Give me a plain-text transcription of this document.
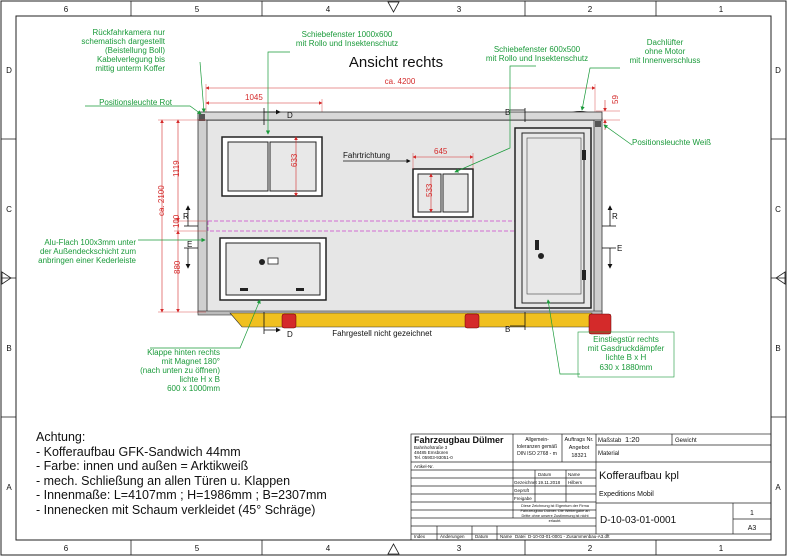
6	5	4	3	2	1
6	5	4	3	2	1
D
C
B
A
D
C
B
A
Ansicht rechts
ca. 4200
1045	59
Fahrgestell nicht gezeichnet
633
645
533
Fahrtrichtung
ca. 2100
1119
100
880
D
D
B
B
R	R
E	E
Rückfahrkamera nur
schematisch dargestellt
(Beistellung Boll)
Kabelverlegung bis
mittig unterm Koffer
Positionsleuchte Rot
Schiebefenster 1000x600
mit Rollo und Insektenschutz
Schiebefenster 600x500
mit Rollo und Insektenschutz
Dachlüfter
ohne Motor
mit Innenverschluss
Positionsleuchte Weiß
Alu-Flach 100x3mm unter
der Außendeckschicht zum
anbringen einer Kederleiste
Klappe hinten rechts
mit Magnet 180°
(nach unten zu öffnen)
lichte H x B
600 x 1000mm
Einstiegstür rechts
mit Gasdruckdämpfer
lichte B x H
630 x 1880mm
Fahrzeugbau Dülmer
Bahnhofstraße 3
48485 Emsbüren
Tel. 05903-93051-0
Allgemein-
toleranzen gemäß
DIN ISO 2768 - m
Auftrags Nr.
Angebot
18321
Maßstab 1:20	Gewicht
Material
Artikel-Nr.
Datum	Name
Gezeichnet 19.11.2018 Hilbers
Geprüft
Freigabe
Kofferaufbau kpl
Expeditions Mobil
D-10-03-01-0001
1
A3
Diese Zeichnung ist Eigentum der Firma
Fahrzeugbau Dülmer. Die Weitergabe an
Dritte ohne unsere Zustimmung ist nicht
erlaubt.
Index	Änderungen Datum	Name Datei D-10-03-01-0001 - Zusammenbau-A3.dft
Achtung:
- Kofferaufbau GFK-Sandwich 44mm
- Farbe: innen und außen = Arktikweiß
- mech. Schließung an allen Türen u. Klappen
- Innenmaße: L=4107mm ; H=1986mm ; B=2307mm
- Innenecken mit Schaum verkleidet (45° Schräge)
